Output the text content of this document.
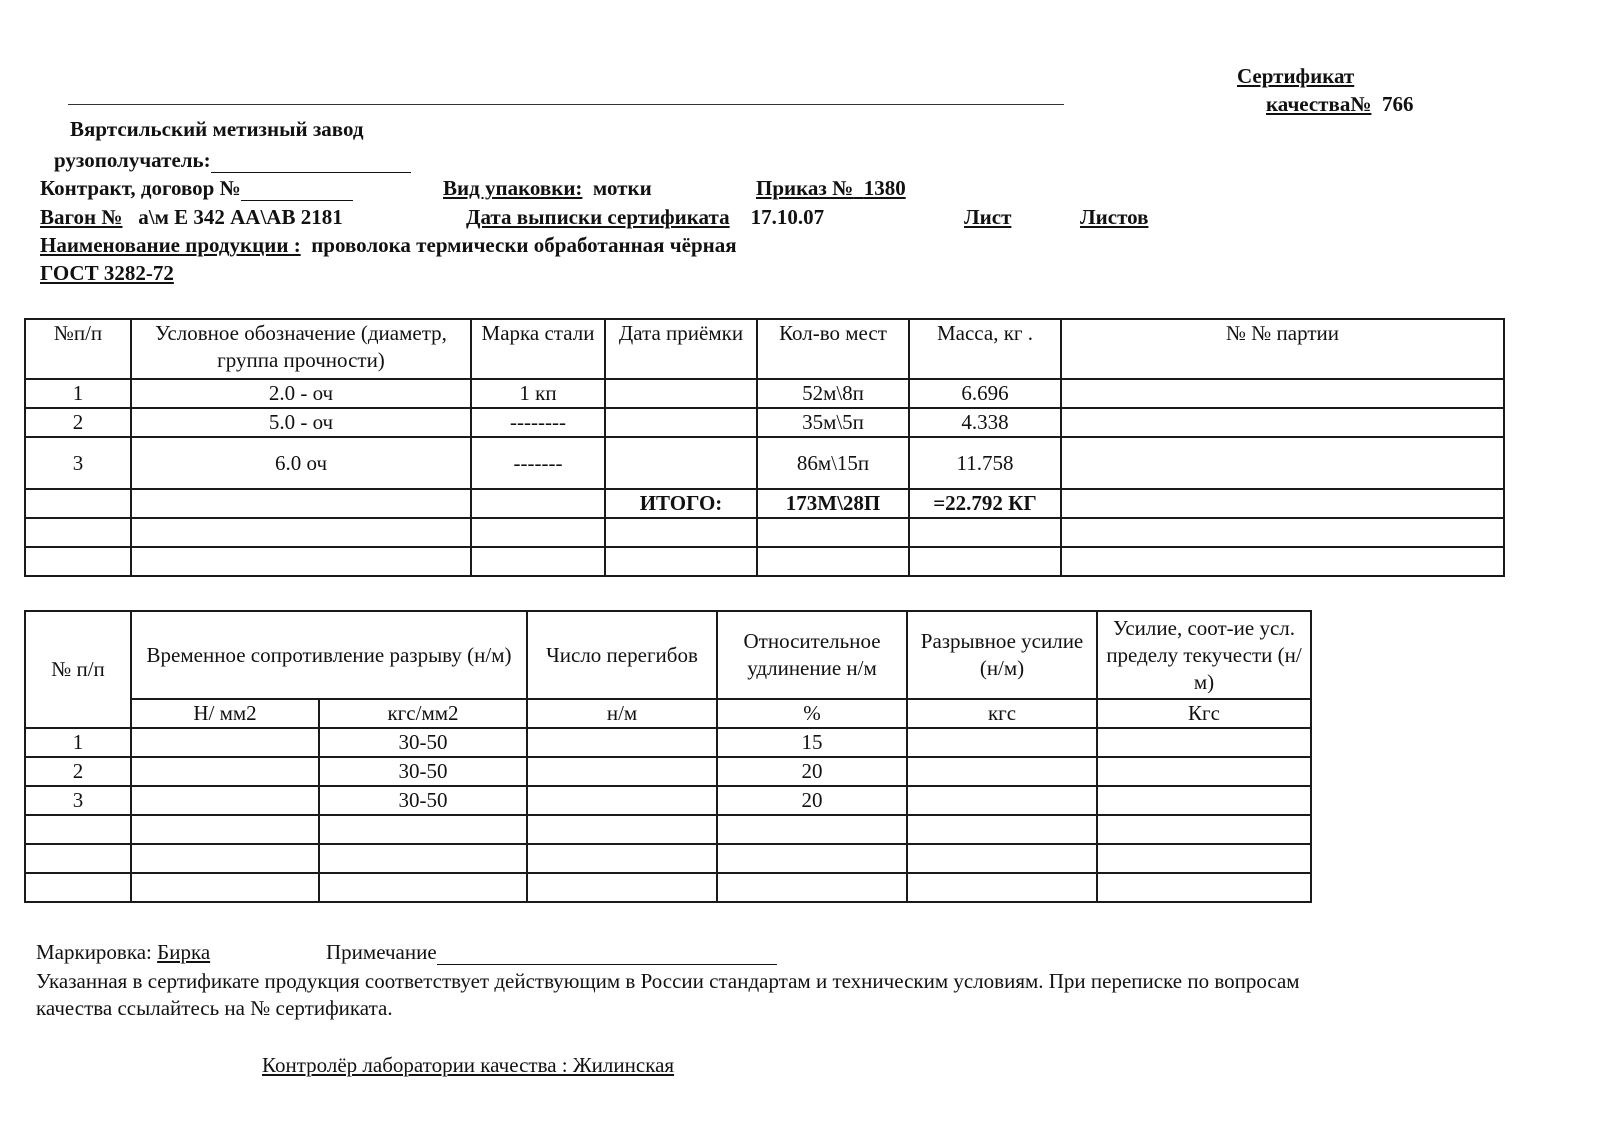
Сертификат
качества№ 766
Вяртсильский метизный завод
рузополучатель:
Контракт, договор №	Вид упаковки: мотки	Приказ № 1380
Вагон № а\м Е 342 АА\АВ 2181	Дата выписки сертификата 17.10.07	Лист	Листов
Наименование продукции : проволока термически обработанная чёрная
ГОСТ 3282-72
№п/п	Условное обозначение (диаметр, группа прочности)	Марка стали	Дата приёмки	Кол-во мест	Масса, кг .	№ № партии
1	2.0 - оч	1 кп		52м\8п	6.696	
2	5.0 - оч	--------		35м\5п	4.338	
3	6.0 оч	-------		86м\15п	11.758	
			ИТОГО:	173М\28П	=22.792 КГ	

№ п/п	Временное сопротивление разрыву (н/м)		Число перегибов	Относительное удлинение н/м	Разрывное усилие (н/м)	Усилие, соот-ие усл. пределу текучести (н/м)
	Н/ мм2	кгс/мм2	н/м	%	кгс	Кгс
1		30-50		15		
2		30-50		20		
3		30-50		20		

Маркировка: Бирка	Примечание
Указанная в сертификате продукция соответствует действующим в России стандартам и техническим условиям. При переписке по вопросам
качества ссылайтесь на № сертификата.
Контролёр лаборатории качества : Жилинская
